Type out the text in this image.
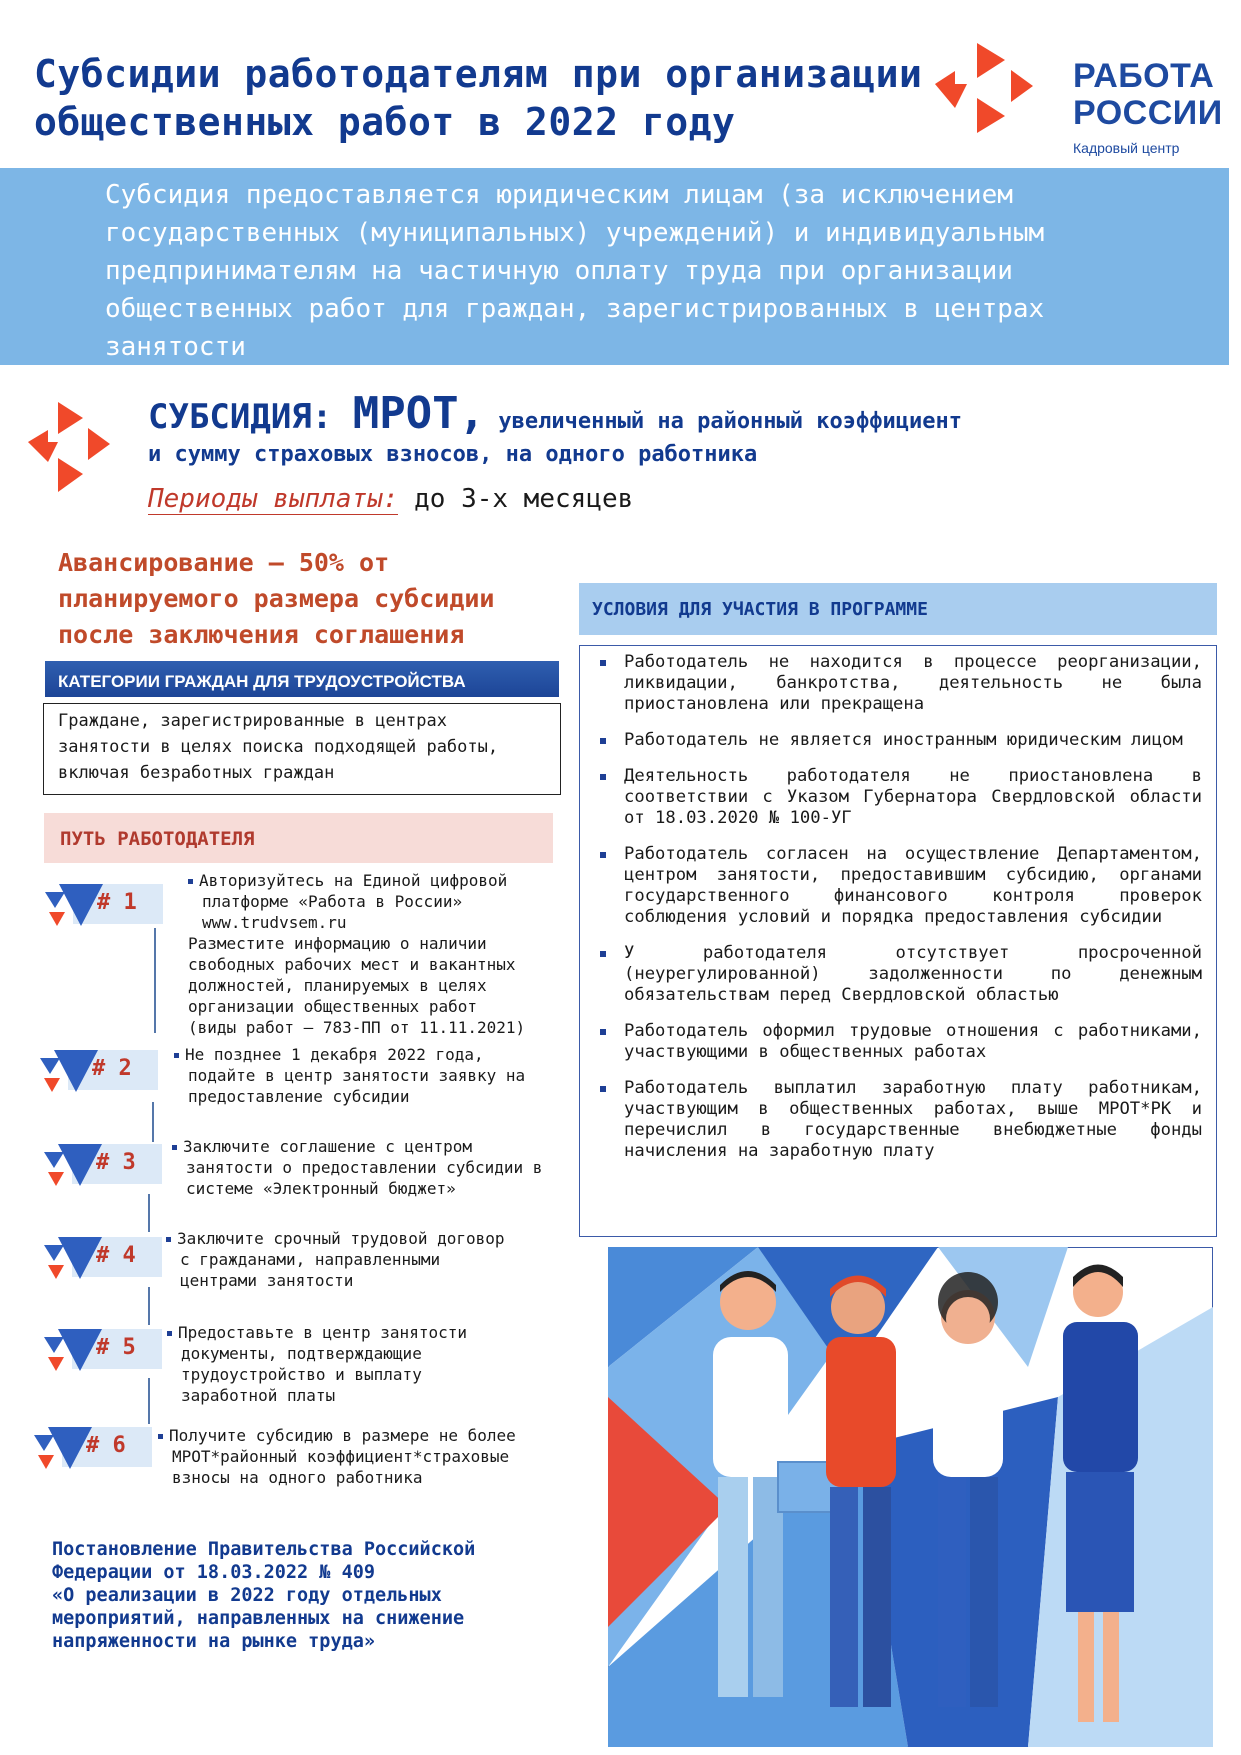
Субсидии работодателям при организации
общественных работ в 2022 году
РАБОТА
РОССИИ
Кадровый центр
Субсидия предоставляется юридическим лицам (за исключением государственных (муниципальных) учреждений) и индивидуальным предпринимателям на частичную оплату труда при организации общественных работ для граждан, зарегистрированных в центрах занятости
СУБСИДИЯ: МРОТ, увеличенный на районный коэффициент
и сумму страховых взносов, на одного работника
Периоды выплаты: до 3-х месяцев
Авансирование – 50% от
планируемого размера субсидии
после заключения соглашения
КАТЕГОРИИ ГРАЖДАН ДЛЯ ТРУДОУСТРОЙСТВА
Граждане, зарегистрированные в центрах
занятости в целях поиска подходящей работы,
включая безработных граждан
ПУТЬ РАБОТОДАТЕЛЯ
# 1
Авторизуйтесь на Единой цифровой
платформе «Работа в России»
www.trudvsem.ru
Разместите информацию о наличии
свободных рабочих мест и вакантных
должностей, планируемых в целях
организации общественных работ
(виды работ – 783-ПП от 11.11.2021)
# 2
Не позднее 1 декабря 2022 года,
подайте в центр занятости заявку на
предоставление субсидии
# 3
Заключите соглашение с центром
занятости о предоставлении субсидии в
системе «Электронный бюджет»
# 4
Заключите срочный трудовой договор
с гражданами, направленными
центрами занятости
# 5
Предоставьте в центр занятости
документы, подтверждающие
трудоустройство и выплату
заработной платы
# 6	Получите субсидию в размере не более
МРОТ*районный коэффициент*страховые
взносы на одного работника
УСЛОВИЯ ДЛЯ УЧАСТИЯ В ПРОГРАММЕ
Работодатель не находится в процессе реорганизации, ликвидации, банкротства, деятельность не была приостановлена или прекращена
Работодатель не является иностранным юридическим лицом
Деятельность работодателя не приостановлена в соответствии с Указом Губернатора Свердловской области от 18.03.2020 № 100-УГ
Работодатель согласен на осуществление Департаментом, центром занятости, предоставившим субсидию, органами государственного финансового контроля проверок соблюдения условий и порядка предоставления субсидии
У работодателя отсутствует просроченной (неурегулированной) задолженности по денежным обязательствам перед Свердловской областью
Работодатель оформил трудовые отношения с работниками, участвующими в общественных работах
Работодатель выплатил заработную плату работникам, участвующим в общественных работах, выше МРОТ*РК и перечислил в государственные внебюджетные фонды начисления на заработную плату
Постановление Правительства Российской
Федерации от 18.03.2022 № 409
«О реализации в 2022 году отдельных
мероприятий, направленных на снижение
напряженности на рынке труда»
